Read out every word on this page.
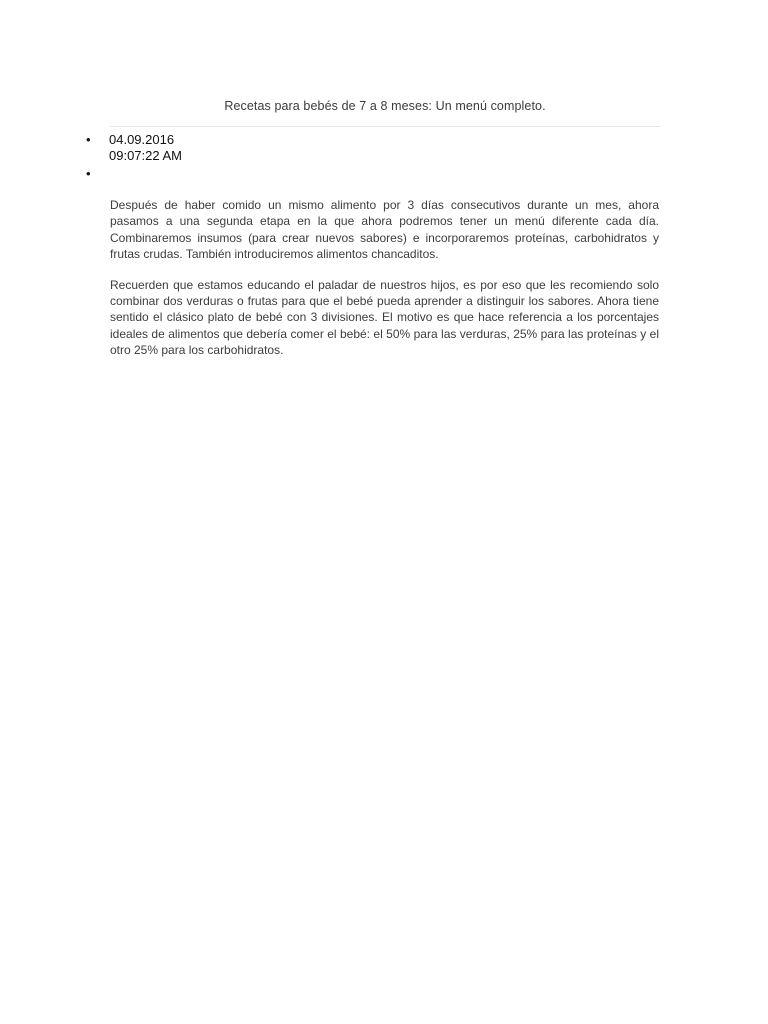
Recetas para bebés de 7 a 8 meses: Un menú completo.
• 04.09.2016
09:07:22 AM
•

Después de haber comido un mismo alimento por 3 días consecutivos durante un mes, ahora pasamos a una segunda etapa en la que ahora podremos tener un menú diferente cada día. Combinaremos insumos (para crear nuevos sabores) e incorporaremos proteínas, carbohidratos y frutas crudas. También introduciremos alimentos chancaditos.

Recuerden que estamos educando el paladar de nuestros hijos, es por eso que les recomiendo solo combinar dos verduras o frutas para que el bebé pueda aprender a distinguir los sabores. Ahora tiene sentido el clásico plato de bebé con 3 divisiones. El motivo es que hace referencia a los porcentajes ideales de alimentos que debería comer el bebé: el 50% para las verduras, 25% para las proteínas y el otro 25% para los carbohidratos.
